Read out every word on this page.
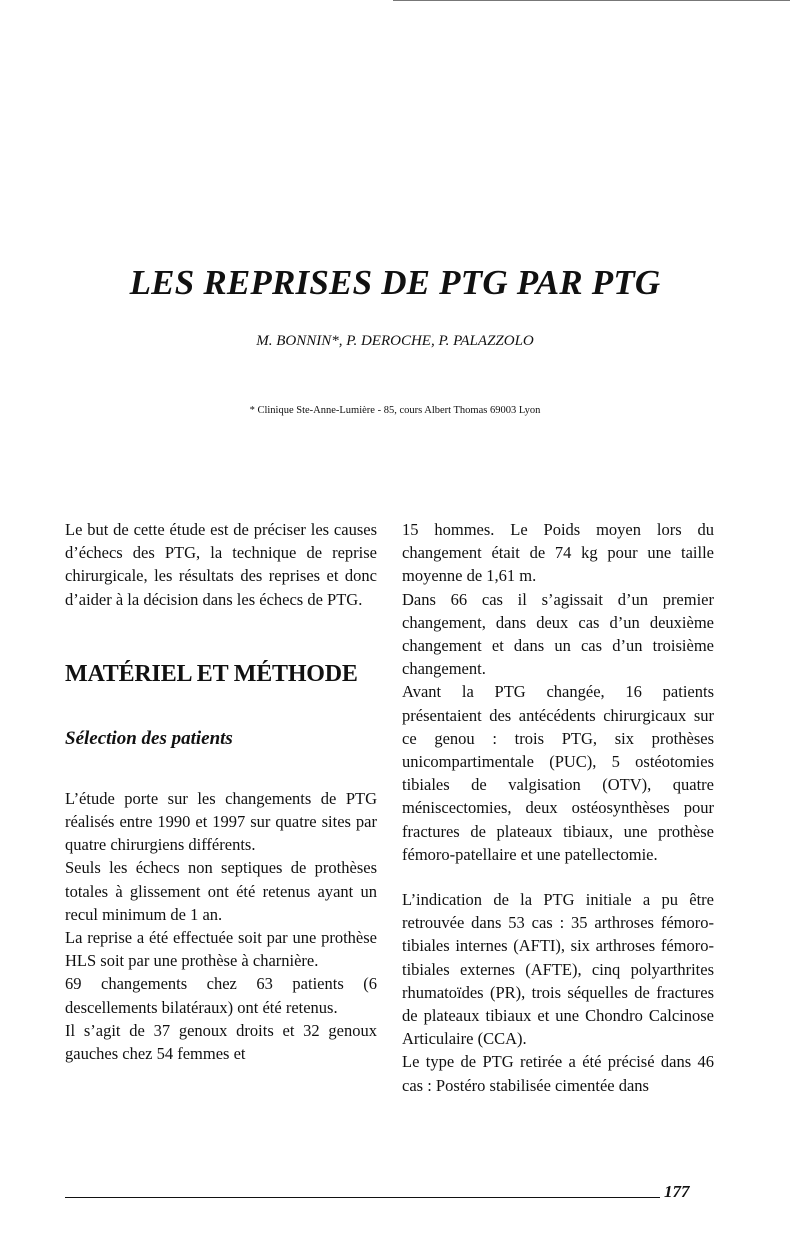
LES REPRISES DE PTG PAR PTG
M. BONNIN*, P. DEROCHE, P. PALAZZOLO
* Clinique Ste-Anne-Lumière - 85, cours Albert Thomas 69003 Lyon

Le but de cette étude est de préciser les causes d’échecs des PTG, la technique de reprise chirurgicale, les résultats des reprises et donc d’aider à la décision dans les échecs de PTG.

MATÉRIEL ET MÉTHODE
Sélection des patients

L’étude porte sur les changements de PTG réalisés entre 1990 et 1997 sur quatre sites par quatre chirurgiens différents.

Seuls les échecs non septiques de prothèses totales à glissement ont été retenus ayant un recul minimum de 1 an.

La reprise a été effectuée soit par une prothèse HLS soit par une prothèse à charnière.

69 changements chez 63 patients (6 descellements bilatéraux) ont été retenus.

Il s’agit de 37 genoux droits et 32 genoux gauches chez 54 femmes et

15 hommes. Le Poids moyen lors du changement était de 74 kg pour une taille moyenne de 1,61 m.

Dans 66 cas il s’agissait d’un premier changement, dans deux cas d’un deuxième changement et dans un cas d’un troisième changement.

Avant la PTG changée, 16 patients présentaient des antécédents chirurgicaux sur ce genou : trois PTG, six prothèses unicompartimentale (PUC), 5 ostéotomies tibiales de valgisation (OTV), quatre méniscectomies, deux ostéosynthèses pour fractures de plateaux tibiaux, une prothèse fémoro-patellaire et une patellectomie.

L’indication de la PTG initiale a pu être retrouvée dans 53 cas : 35 arthroses fémoro-tibiales internes (AFTI), six arthroses fémoro-tibiales externes (AFTE), cinq polyarthrites rhumatoïdes (PR), trois séquelles de fractures de plateaux tibiaux et une Chondro Calcinose Articulaire (CCA).

Le type de PTG retirée a été précisé dans 46 cas : Postéro stabilisée cimentée dans

177
